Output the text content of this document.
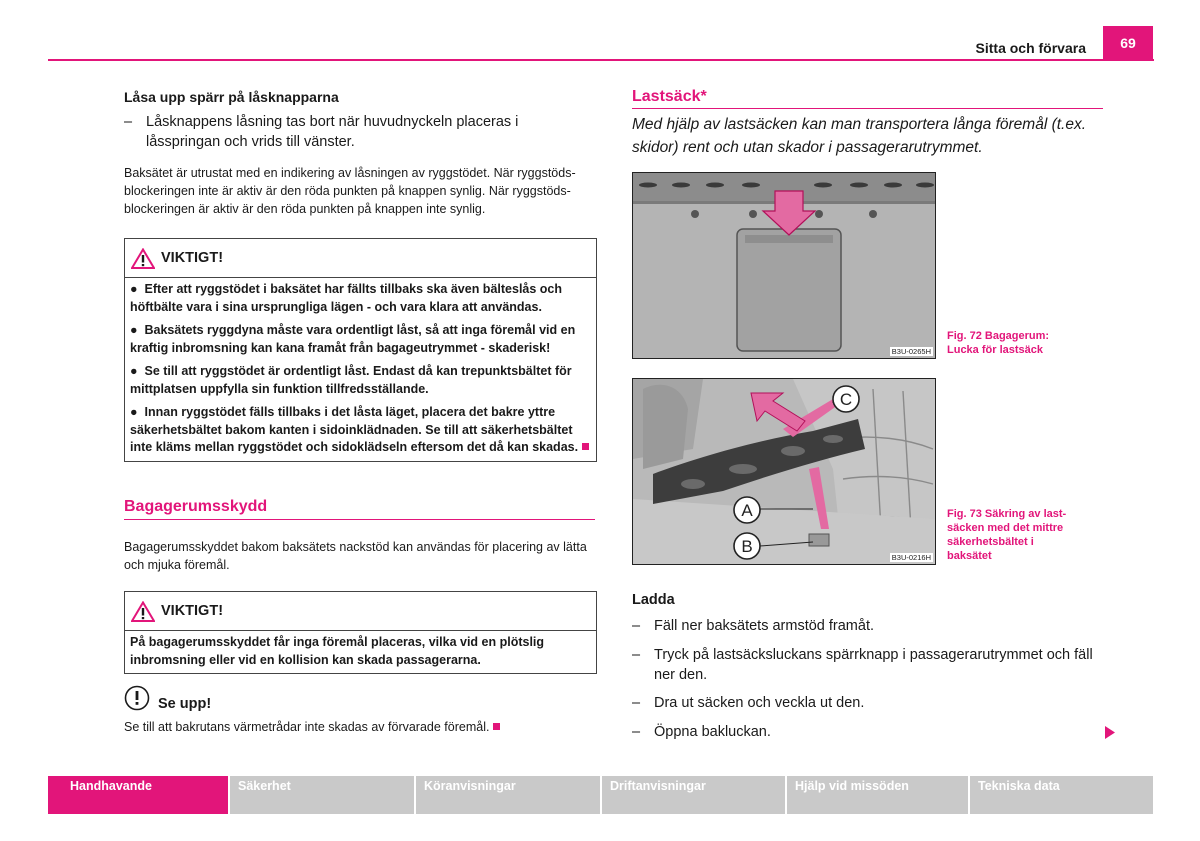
Sitta och förvara	69
Låsa upp spärr på låsknapparna
– Låsknappens låsning tas bort när huvudnyckeln placeras i låsspringan och vrids till vänster.
Baksätet är utrustat med en indikering av låsningen av ryggstödet. När ryggstöds-blockeringen inte är aktiv är den röda punkten på knappen synlig. När ryggstöds-blockeringen är aktiv är den röda punkten på knappen inte synlig.
VIKTIGT!

●  Efter att ryggstödet i baksätet har fällts tillbaks ska även bälteslås och höftbälte vara i sina ursprungliga lägen - och vara klara att användas.

●  Baksätets ryggdyna måste vara ordentligt låst, så att inga föremål vid en kraftig inbromsning kan kana framåt från bagageutrymmet - skaderisk!

●  Se till att ryggstödet är ordentligt låst. Endast då kan trepunktsbältet för mittplatsen uppfylla sin funktion tillfredsställande.

●  Innan ryggstödet fälls tillbaks i det låsta läget, placera det bakre yttre säkerhetsbältet bakom kanten i sidoinklädnaden. Se till att säkerhetsbältet inte kläms mellan ryggstödet och sidoklädseln eftersom det då kan skadas.

Bagagerumsskydd
Bagagerumsskyddet bakom baksätets nackstöd kan användas för placering av lätta och mjuka föremål.
VIKTIGT!

På bagagerumsskyddet får inga föremål placeras, vilka vid en plötslig inbromsning eller vid en kollision kan skada passagerarna.

Se upp!
Se till att bakrutans värmetrådar inte skadas av förvarade föremål.
Lastsäck*
Med hjälp av lastsäcken kan man transportera långa föremål (t.ex. skidor) rent och utan skador i passagerarutrymmet.
B3U-0265H
Fig. 72 Bagagerum: Lucka för lastsäck
C
A
B
B3U-0216H
Fig. 73 Säkring av last-
säcken med det mittre
säkerhetsbältet i
baksätet
Ladda
– Fäll ner baksätets armstöd framåt.
– Tryck på lastsäcksluckans spärrknapp i passagerarutrymmet och fäll ner den.
– Dra ut säcken och veckla ut den.
– Öppna bakluckan.
Handhavande	Säkerhet	Köranvisningar	Driftanvisningar	Hjälp vid missöden	Tekniska data
